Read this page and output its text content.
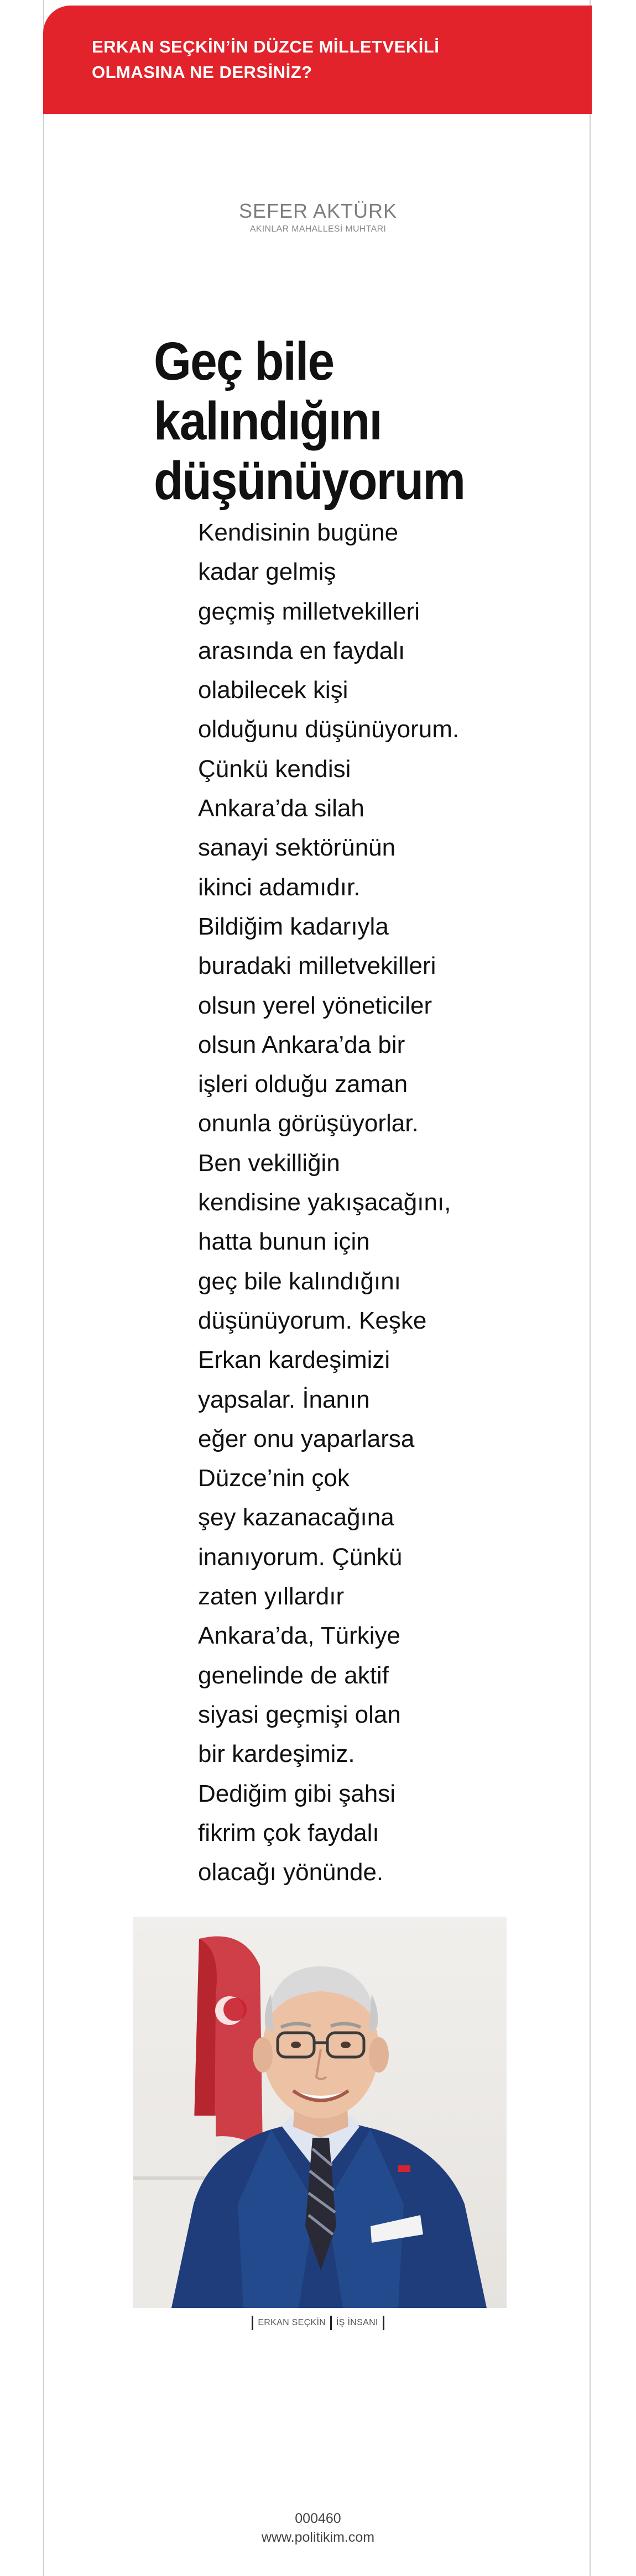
ERKAN SEÇKİN’İN DÜZCE MİLLETVEKİLİ
OLMASINA NE DERSİNİZ?
SEFER AKTÜRK
AKINLAR MAHALLESİ MUHTARI
Geç bile
kalındığını
düşünüyorum
Kendisinin bugüne
kadar gelmiş
geçmiş milletvekilleri
arasında en faydalı
olabilecek kişi
olduğunu düşünüyorum.
Çünkü kendisi
Ankara’da silah
sanayi sektörünün
ikinci adamıdır.
Bildiğim kadarıyla
buradaki milletvekilleri
olsun yerel yöneticiler
olsun Ankara’da bir
işleri olduğu zaman
onunla görüşüyorlar.
Ben vekilliğin
kendisine yakışacağını,
hatta bunun için
geç bile kalındığını
düşünüyorum. Keşke
Erkan kardeşimizi
yapsalar. İnanın
eğer onu yaparlarsa
Düzce’nin çok
şey kazanacağına
inanıyorum. Çünkü
zaten yıllardır
Ankara’da, Türkiye
genelinde de aktif
siyasi geçmişi olan
bir kardeşimiz.
Dediğim gibi şahsi
fikrim çok faydalı
olacağı yönünde.
ERKAN SEÇKİN İŞ İNSANI
000460
www.politikim.com
